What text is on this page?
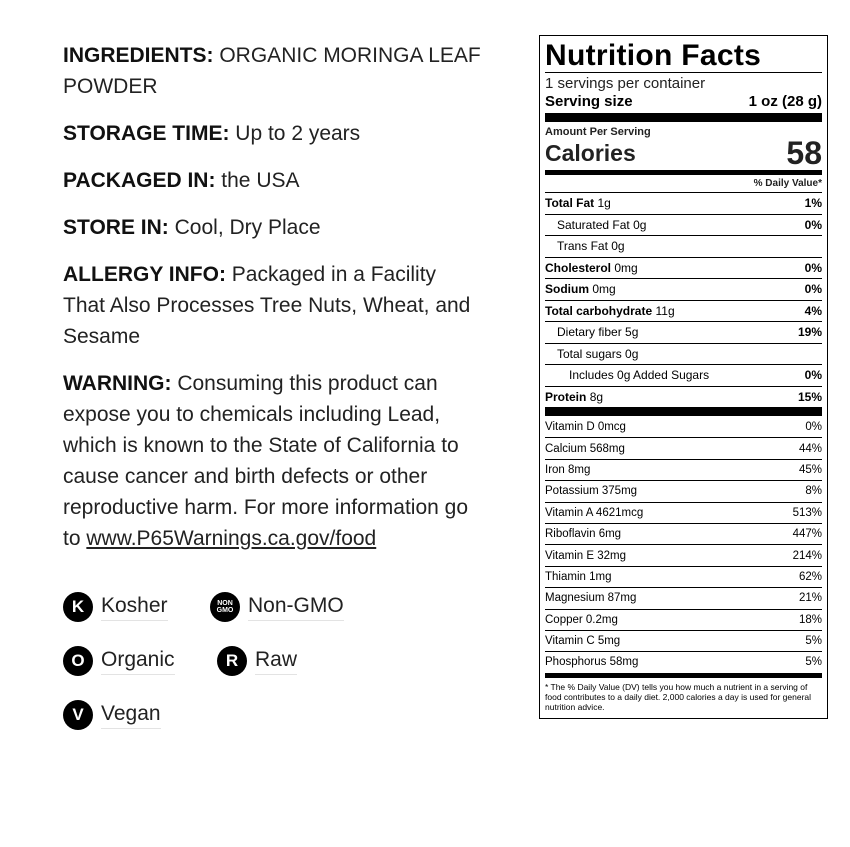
INGREDIENTS: ORGANIC MORINGA LEAF POWDER

STORAGE TIME: Up to 2 years

PACKAGED IN: the USA

STORE IN: Cool, Dry Place

ALLERGY INFO: Packaged in a Facility That Also Processes Tree Nuts, Wheat, and Sesame

WARNING: Consuming this product can expose you to chemicals including Lead, which is known to the State of California to cause cancer and birth defects or other reproductive harm. For more information go to www.P65Warnings.ca.gov/food

K Kosher	NON
GMO Non-GMO
O Organic	R Raw
V Vegan
Nutrition Facts
1 servings per container
Serving size	1 oz (28 g)
Amount Per Serving
Calories	58
% Daily Value*
Total Fat 1g	1%
Saturated Fat 0g	0%
Trans Fat 0g
Cholesterol 0mg	0%
Sodium 0mg	0%
Total carbohydrate 11g	4%
Dietary fiber 5g	19%
Total sugars 0g
Includes 0g Added Sugars	0%
Protein 8g	15%
Vitamin D 0mcg	0%
Calcium 568mg	44%
Iron 8mg	45%
Potassium 375mg	8%
Vitamin A 4621mcg	513%
Riboflavin 6mg	447%
Vitamin E 32mg	214%
Thiamin 1mg	62%
Magnesium 87mg	21%
Copper 0.2mg	18%
Vitamin C 5mg	5%
Phosphorus 58mg	5%
* The % Daily Value (DV) tells you how much a nutrient in a serving of food contributes to a daily diet. 2,000 calories a day is used for general nutrition advice.
